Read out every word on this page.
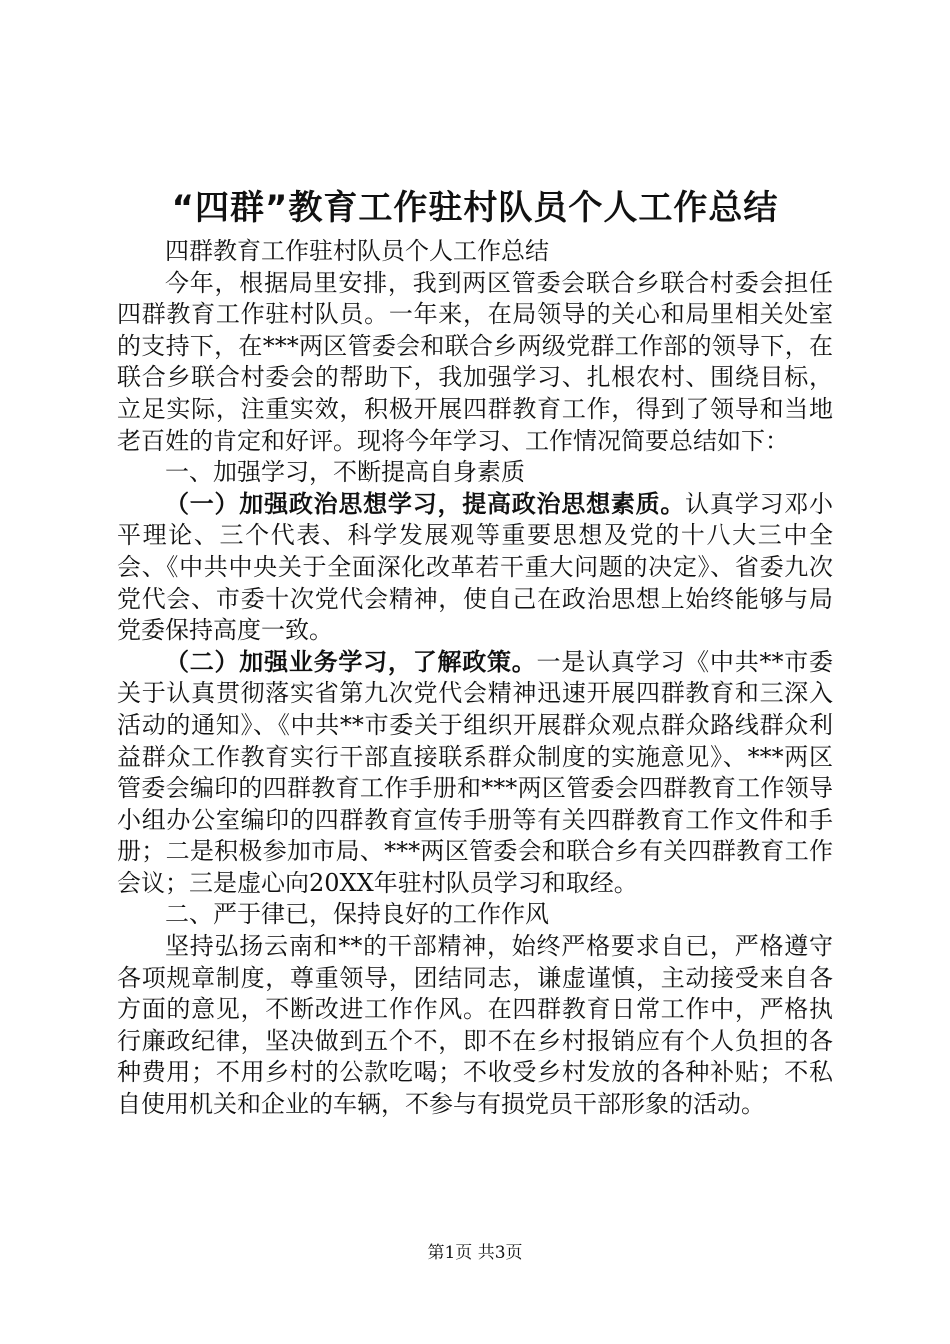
“四群”教育工作驻村队员个人工作总结

四群教育工作驻村队员个人工作总结

今年，根据局里安排，我到两区管委会联合乡联合村委会担任四群教育工作驻村队员。一年来，在局领导的关心和局里相关处室的支持下，在***两区管委会和联合乡两级党群工作部的领导下，在联合乡联合村委会的帮助下，我加强学习、扎根农村、围绕目标，立足实际，注重实效，积极开展四群教育工作，得到了领导和当地老百姓的肯定和好评。现将今年学习、工作情况简要总结如下：

一、加强学习，不断提高自身素质

（一）加强政治思想学习，提高政治思想素质。认真学习邓小平理论、三个代表、科学发展观等重要思想及党的十八大三中全会、《中共中央关于全面深化改革若干重大问题的决定》、省委九次党代会、市委十次党代会精神，使自己在政治思想上始终能够与局党委保持高度一致。

（二）加强业务学习，了解政策。一是认真学习《中共**市委关于认真贯彻落实省第九次党代会精神迅速开展四群教育和三深入活动的通知》、《中共**市委关于组织开展群众观点群众路线群众利益群众工作教育实行干部直接联系群众制度的实施意见》、***两区管委会编印的四群教育工作手册和***两区管委会四群教育工作领导小组办公室编印的四群教育宣传手册等有关四群教育工作文件和手册；二是积极参加市局、***两区管委会和联合乡有关四群教育工作会议；三是虚心向20XX年驻村队员学习和取经。

二、严于律已，保持良好的工作作风

坚持弘扬云南和**的干部精神，始终严格要求自已，严格遵守各项规章制度，尊重领导，团结同志，谦虚谨慎，主动接受来自各方面的意见，不断改进工作作风。在四群教育日常工作中，严格执行廉政纪律，坚决做到五个不，即不在乡村报销应有个人负担的各种费用；不用乡村的公款吃喝；不收受乡村发放的各种补贴；不私自使用机关和企业的车辆，不参与有损党员干部形象的活动。

第1页 共3页
